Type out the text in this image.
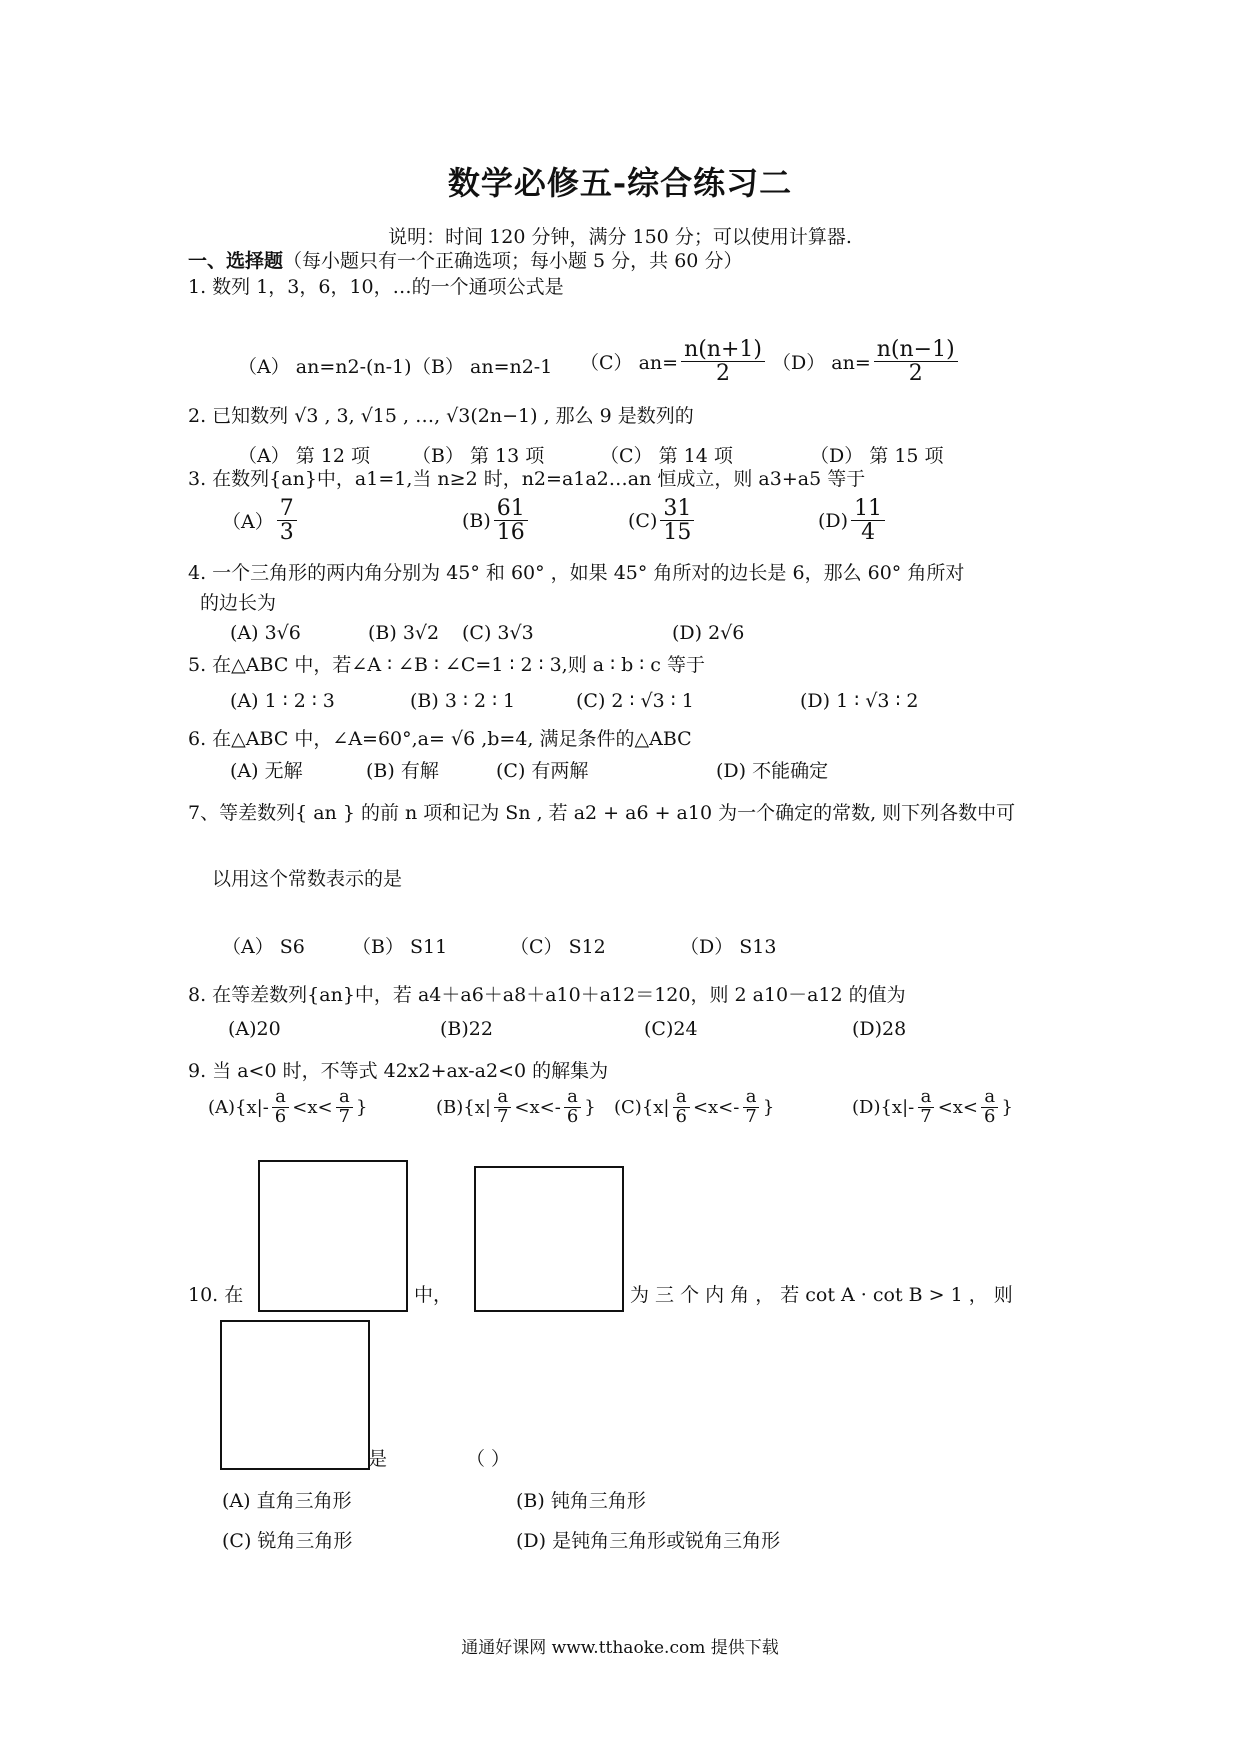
数学必修五-综合练习二
说明：时间 120 分钟，满分 150 分；可以使用计算器.
一、选择题（每小题只有一个正确选项；每小题 5 分，共 60 分）
1. 数列 1，3，6，10，…的一个通项公式是
（A） an=n2-(n-1) （B） an=n2-1 （C） $an= \frac{n(n+1)}{2} (D)$ $an= \frac{n(n-1)}{2}$
2. 已知数列 √3 , 3, √15 , …, √3(2n−1) , 那么 9 是数列的
（A） 第 12 项 （B） 第 13 项	（C） 第 14 项	（D） 第 15 项
3. 在数列{an}中，a1=1,当 n≥2 时，n2=a1a2…an 恒成立，则 a3+a5 等于
$(A) \frac{7}{3}$	$(B) \frac{61}{16}$	$(C) \frac{31}{15}$	$(D) \frac{11}{4}$
4. 一个三角形的两内角分别为 45° 和 60° ，如果 45° 角所对的边长是 6，那么 60° 角所对
的边长为
(A) 3√6	(B) 3√2 (C) 3√3	(D) 2√6
5. 在△ABC 中，若∠A ∶ ∠B ∶ ∠C=1 ∶ 2 ∶ 3,则 a ∶ b ∶ c 等于
(A) 1 ∶ 2 ∶ 3	(B) 3 ∶ 2 ∶ 1	(C) 2 ∶ √3 ∶ 1	(D) 1 ∶ √3 ∶ 2
6. 在△ABC 中，∠A=60°,a= √6 ,b=4, 满足条件的△ABC
(A) 无解	(B) 有解	(C) 有两解	(D) 不能确定
7、等差数列{ an } 的前 n 项和记为 Sn , 若 a2 + a6 + a10 为一个确定的常数, 则下列各数中可
以用这个常数表示的是
（A） S6 （B） S11	（C） S12	（D） S13
8. 在等差数列{an}中，若 a4＋a6＋a8＋a10＋a12＝120，则 2 a10－a12 的值为
(A)20	(B)22	(C)24	(D)28
9. 当 a<0 时，不等式 42x2+ax-a2<0 的解集为
$(A)\{x|- \frac{a}{6} <x< \frac{a}{7}$ }	$(B)\{x| \frac{a}{7} <x<- \frac{a}{6}$ } $(C)\{x| \frac{a}{6} <x<- \frac{a}{7}$ }	$(D)\{x|- \frac{a}{7} <x< \frac{a}{6}$ }
10. 在	中，	为 三 个 内 角 ， 若 cot A · cot B > 1 ， 则
是	（ ）
(A) 直角三角形	(B) 钝角三角形
(C) 锐角三角形	(D) 是钝角三角形或锐角三角形
通通好课网 www.tthaoke.com 提供下载
